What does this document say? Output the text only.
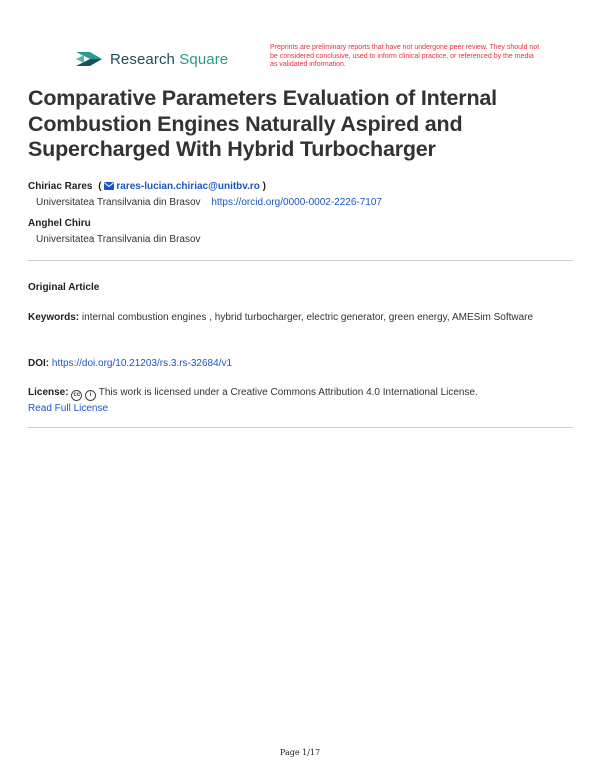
Research Square
Preprints are preliminary reports that have not undergone peer review. They should not be considered conclusive, used to inform clinical practice, or referenced by the media as validated information.
Comparative Parameters Evaluation of Internal Combustion Engines Naturally Aspired and Supercharged With Hybrid Turbocharger
Chiriac Rares ( rares-lucian.chiriac@unitbv.ro )
Universitatea Transilvania din Brasov https://orcid.org/0000-0002-2226-7107
Anghel Chiru
Universitatea Transilvania din Brasov
Original Article
Keywords: internal combustion engines , hybrid turbocharger, electric generator, green energy, AMESim Software
DOI: https://doi.org/10.21203/rs.3.rs-32684/v1
License: cc i This work is licensed under a Creative Commons Attribution 4.0 International License.
Read Full License
Page 1/17
